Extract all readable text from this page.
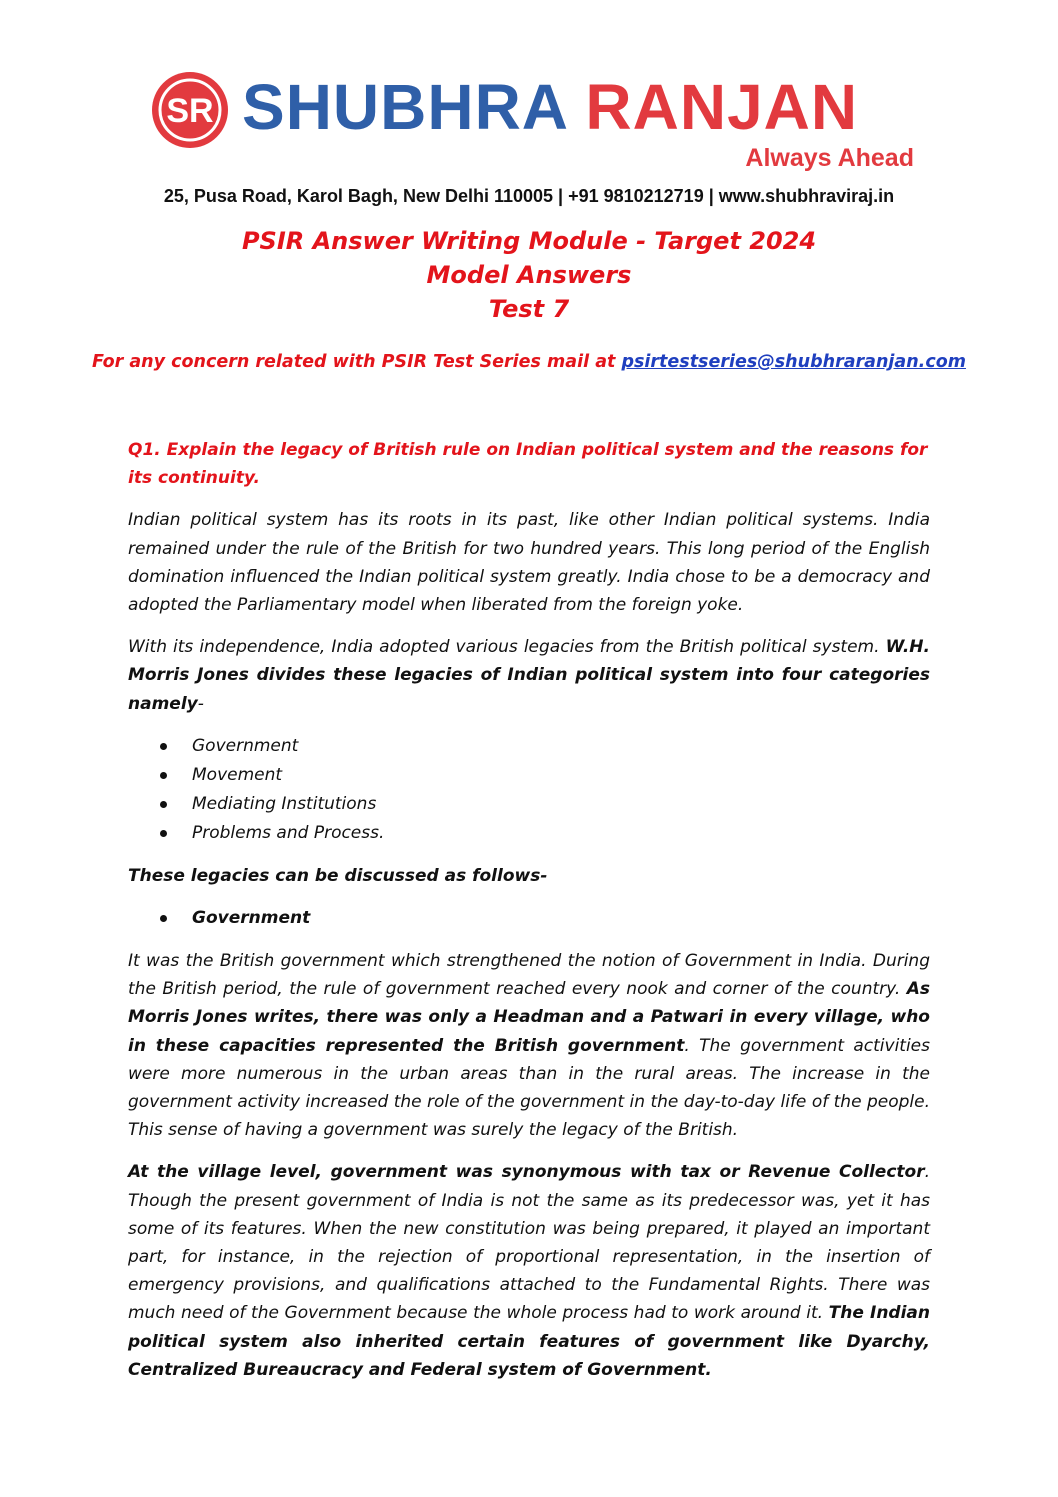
SR SHUBHRA RANJAN
Always Ahead
25, Pusa Road, Karol Bagh, New Delhi 110005 | +91 9810212719 | www.shubhraviraj.in
PSIR Answer Writing Module - Target 2024
Model Answers
Test 7
For any concern related with PSIR Test Series mail at psirtestseries@shubhraranjan.com

Q1. Explain the legacy of British rule on Indian political system and the reasons for its continuity.

Indian political system has its roots in its past, like other Indian political systems. India remained under the rule of the British for two hundred years. This long period of the English domination influenced the Indian political system greatly. India chose to be a democracy and adopted the Parliamentary model when liberated from the foreign yoke.

With its independence, India adopted various legacies from the British political system. W.H. Morris Jones divides these legacies of Indian political system into four categories namely-

Government
Movement
Mediating Institutions
Problems and Process.

These legacies can be discussed as follows-

Government

It was the British government which strengthened the notion of Government in India. During the British period, the rule of government reached every nook and corner of the country. As Morris Jones writes, there was only a Headman and a Patwari in every village, who in these capacities represented the British government. The government activities were more numerous in the urban areas than in the rural areas. The increase in the government activity increased the role of the government in the day-to-day life of the people. This sense of having a government was surely the legacy of the British.

At the village level, government was synonymous with tax or Revenue Collector. Though the present government of India is not the same as its predecessor was, yet it has some of its features. When the new constitution was being prepared, it played an important part, for instance, in the rejection of proportional representation, in the insertion of emergency provisions, and qualifications attached to the Fundamental Rights. There was much need of the Government because the whole process had to work around it. The Indian political system also inherited certain features of government like Dyarchy, Centralized Bureaucracy and Federal system of Government.
